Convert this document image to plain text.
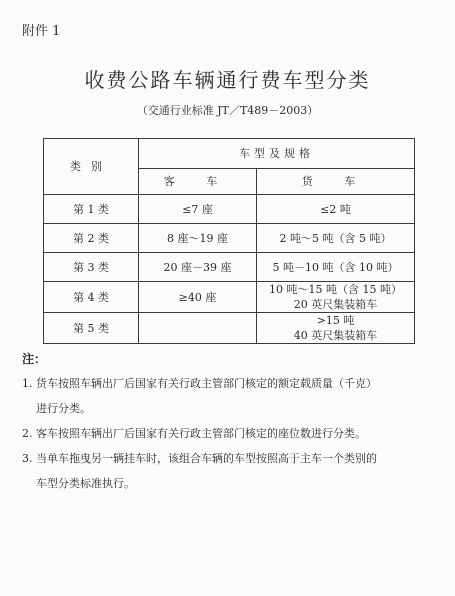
附件 1
收费公路车辆通行费车型分类
（交通行业标准 JT／T489－2003）
类别	车型及规格	
	客 车	货 车
第 1 类	≤7 座	≤2 吨
第 2 类	8 座～19 座	2 吨～5 吨（含 5 吨）
第 3 类	20 座－39 座	5 吨－10 吨（含 10 吨）
第 4 类	≥40 座	10 吨～15 吨（含 15 吨）
20 英尺集装箱车

第 5 类		>15 吨
40 英尺集装箱车
注：
1. 货车按照车辆出厂后国家有关行政主管部门核定的额定载质量（千克）
进行分类。
2. 客车按照车辆出厂后国家有关行政主管部门核定的座位数进行分类。
3. 当单车拖曳另一辆挂车时，该组合车辆的车型按照高于主车一个类别的
车型分类标准执行。
